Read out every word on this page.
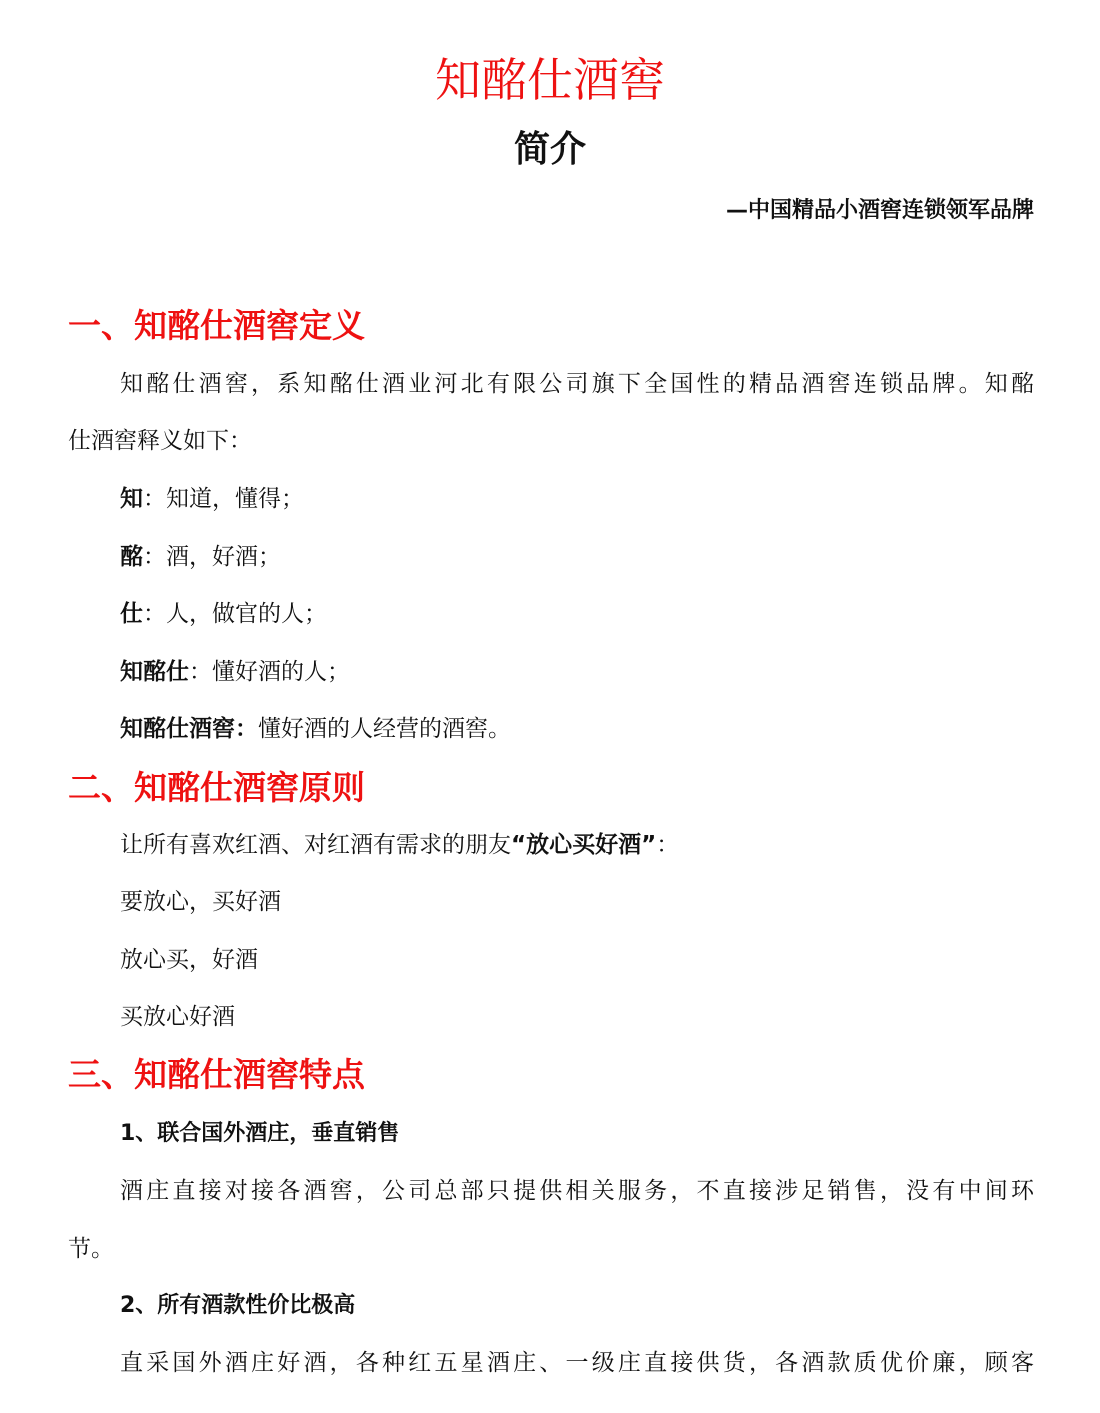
知酩仕酒窖
简介
—中国精品小酒窖连锁领军品牌
一、知酩仕酒窖定义
知酩仕酒窖，系知酩仕酒业河北有限公司旗下全国性的精品酒窖连锁品牌。知酩
仕酒窖释义如下：
知：知道，懂得；
酩：酒，好酒；
仕：人，做官的人；
知酩仕：懂好酒的人；
知酩仕酒窖：懂好酒的人经营的酒窖。
二、知酩仕酒窖原则
让所有喜欢红酒、对红酒有需求的朋友“放心买好酒”：
要放心，买好酒
放心买，好酒
买放心好酒
三、知酩仕酒窖特点
1、联合国外酒庄，垂直销售
酒庄直接对接各酒窖，公司总部只提供相关服务，不直接涉足销售，没有中间环
节。
2、所有酒款性价比极高
直采国外酒庄好酒，各种红五星酒庄、一级庄直接供货，各酒款质优价廉，顾客
